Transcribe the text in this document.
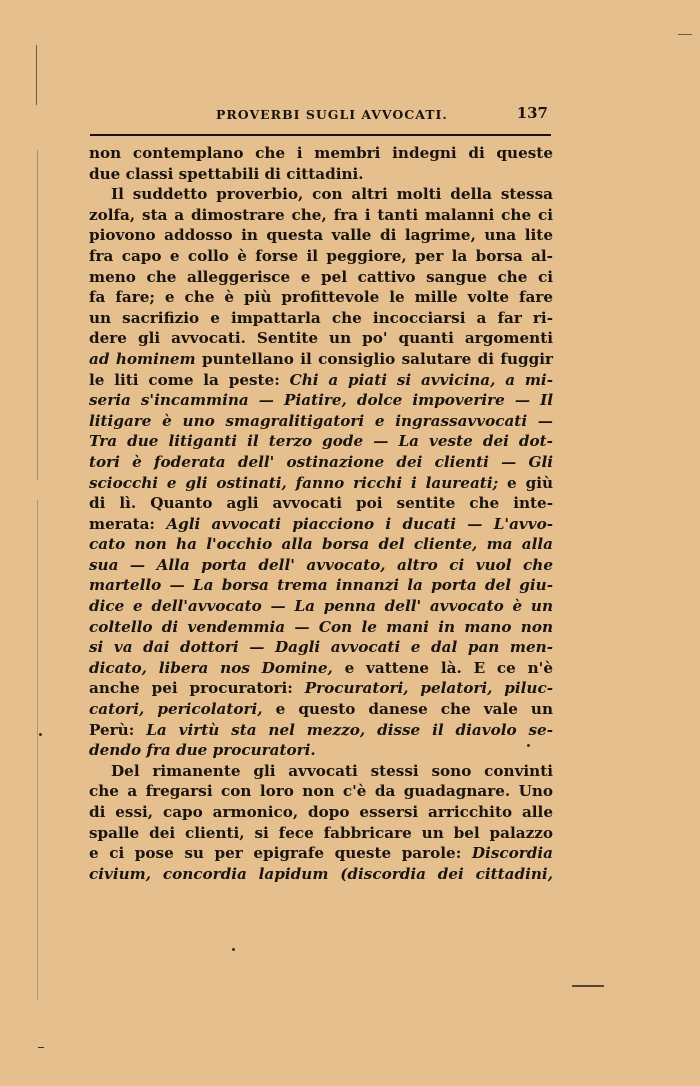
PROVERBI SUGLI AVVOCATI.	137
non contemplano che i membri indegni di queste
due classi spettabili di cittadini.
Il suddetto proverbio, con altri molti della stessa
zolfa, sta a dimostrare che, fra i tanti malanni che ci
piovono addosso in questa valle di lagrime, una lite
fra capo e collo è forse il peggiore, per la borsa al-
meno che alleggerisce e pel cattivo sangue che ci
fa fare; e che è più profittevole le mille volte fare
un sacrifizio e impattarla che incocciarsi a far ri-
dere gli avvocati. Sentite un po' quanti argomenti
ad hominem puntellano il consiglio salutare di fuggir
le liti come la peste: Chi a piati si avvicina, a mi-
seria s'incammina — Piatire, dolce impoverire — Il
litigare è uno smagralitigatori e ingrassavvocati —
Tra due litiganti il terzo gode — La veste dei dot-
tori è foderata dell' ostinazione dei clienti — Gli
sciocchi e gli ostinati, fanno ricchi i laureati; e giù
di lì. Quanto agli avvocati poi sentite che inte-
merata: Agli avvocati piacciono i ducati — L'avvo-
cato non ha l'occhio alla borsa del cliente, ma alla
sua — Alla porta dell' avvocato, altro ci vuol che
martello — La borsa trema innanzi la porta del giu-
dice e dell'avvocato — La penna dell' avvocato è un
coltello di vendemmia — Con le mani in mano non
si va dai dottori — Dagli avvocati e dal pan men-
dicato, libera nos Domine, e vattene là. E ce n'è
anche pei procuratori: Procuratori, pelatori, piluc-
catori, pericolatori, e questo danese che vale un
Perù: La virtù sta nel mezzo, disse il diavolo se-
dendo fra due procuratori.
Del rimanente gli avvocati stessi sono convinti
che a fregarsi con loro non c'è da guadagnare. Uno
di essi, capo armonico, dopo essersi arricchito alle
spalle dei clienti, si fece fabbricare un bel palazzo
e ci pose su per epigrafe queste parole: Discordia
civium, concordia lapidum (discordia dei cittadini,
